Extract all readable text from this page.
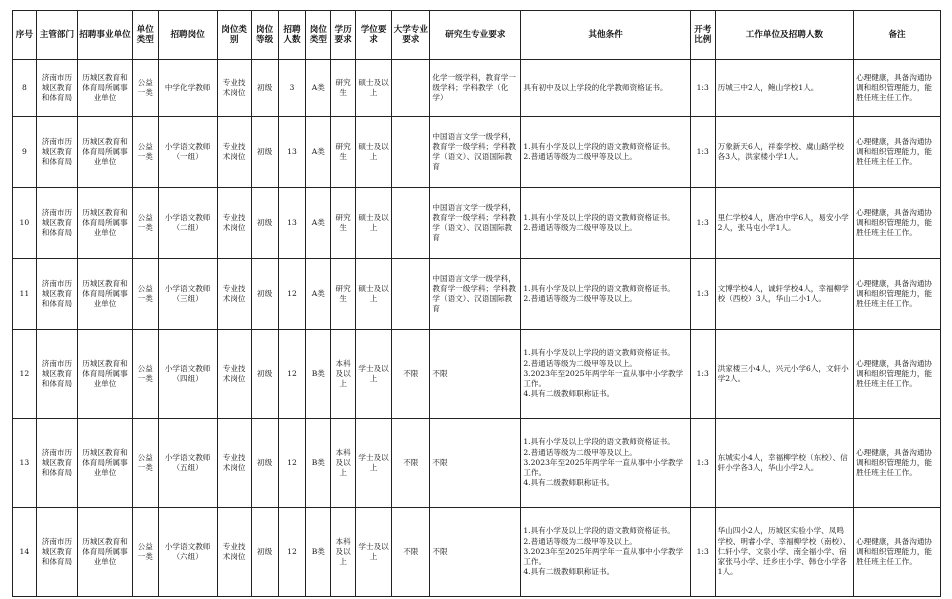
序号	主管部门	招聘事业单位	单位类型	招聘岗位	岗位类别	岗位等级	招聘人数	岗位类型	学历要求	学位要求	大学专业要求	研究生专业要求	其他条件	开考比例	工作单位及招聘人数	备注
8	济南市历城区教育和体育局	历城区教育和体育局所属事业单位	公益一类	中学化学教师	专业技术岗位	初级	3	A类	研究生	硕士及以上		化学一级学科，教育学一级学科；学科教学（化学）	具有初中及以上学段的化学教师资格证书。	1:3	历城三中2人，鲍山学校1人。	心理健康，具备沟通协调和组织管理能力，能胜任班主任工作。
9	济南市历城区教育和体育局	历城区教育和体育局所属事业单位	公益一类	小学语文教师（一组）	专业技术岗位	初级	13	A类	研究生	硕士及以上		中国语言文学一级学科，教育学一级学科；学科教学（语文）、汉语国际教育	1.具有小学及以上学段的语文教师资格证书。
2.普通话等级为二级甲等及以上。	1:3	万象新天6人，祥泰学校、虞山路学校各3人，洪家楼小学1人。	心理健康，具备沟通协调和组织管理能力，能胜任班主任工作。
10	济南市历城区教育和体育局	历城区教育和体育局所属事业单位	公益一类	小学语文教师（二组）	专业技术岗位	初级	13	A类	研究生	硕士及以上		中国语言文学一级学科，教育学一级学科；学科教学（语文）、汉语国际教育	1.具有小学及以上学段的语文教师资格证书。
2.普通话等级为二级甲等及以上。	1:3	里仁学校4人，唐冶中学6人，易安小学2人，张马屯小学1人。	心理健康，具备沟通协调和组织管理能力，能胜任班主任工作。
11	济南市历城区教育和体育局	历城区教育和体育局所属事业单位	公益一类	小学语文教师（三组）	专业技术岗位	初级	12	A类	研究生	硕士及以上		中国语言文学一级学科，教育学一级学科；学科教学（语文）、汉语国际教育	1.具有小学及以上学段的语文教师资格证书。
2.普通话等级为二级甲等及以上。	1:3	文博学校4人，诚轩学校4人，幸福柳学校（西校）3人，华山二小1人。	心理健康，具备沟通协调和组织管理能力，能胜任班主任工作。
12	济南市历城区教育和体育局	历城区教育和体育局所属事业单位	公益一类	小学语文教师（四组）	专业技术岗位	初级	12	B类	本科及以上	学士及以上	不限	不限	1.具有小学及以上学段的语文教师资格证书。
2.普通话等级为二级甲等及以上。
3.2023年至2025年两学年一直从事中小学教学工作。
4.具有二级教师职称证书。	1:3	洪家楼三小4人，兴元小学6人，文轩小学2人。	心理健康，具备沟通协调和组织管理能力，能胜任班主任工作。
13	济南市历城区教育和体育局	历城区教育和体育局所属事业单位	公益一类	小学语文教师（五组）	专业技术岗位	初级	12	B类	本科及以上	学士及以上	不限	不限	1.具有小学及以上学段的语文教师资格证书。
2.普通话等级为二级甲等及以上。
3.2023年至2025年两学年一直从事中小学教学工作。
4.具有二级教师职称证书。	1:3	东城实小4人，幸福柳学校（东校）、信轩小学各3人，华山小学2人。	心理健康，具备沟通协调和组织管理能力，能胜任班主任工作。
14	济南市历城区教育和体育局	历城区教育和体育局所属事业单位	公益一类	小学语文教师（六组）	专业技术岗位	初级	12	B类	本科及以上	学士及以上	不限	不限	1.具有小学及以上学段的语文教师资格证书。
2.普通话等级为二级甲等及以上。
3.2023年至2025年两学年一直从事中小学教学工作。
4.具有二级教师职称证书。	1:3	华山四小2人，历城区实验小学、凤鸣学校、明睿小学、幸福柳学校（南校）、仁轩小学、文泉小学、南全福小学、宿家张马小学、迁乡庄小学、韩仓小学各1人。	心理健康，具备沟通协调和组织管理能力，能胜任班主任工作。
